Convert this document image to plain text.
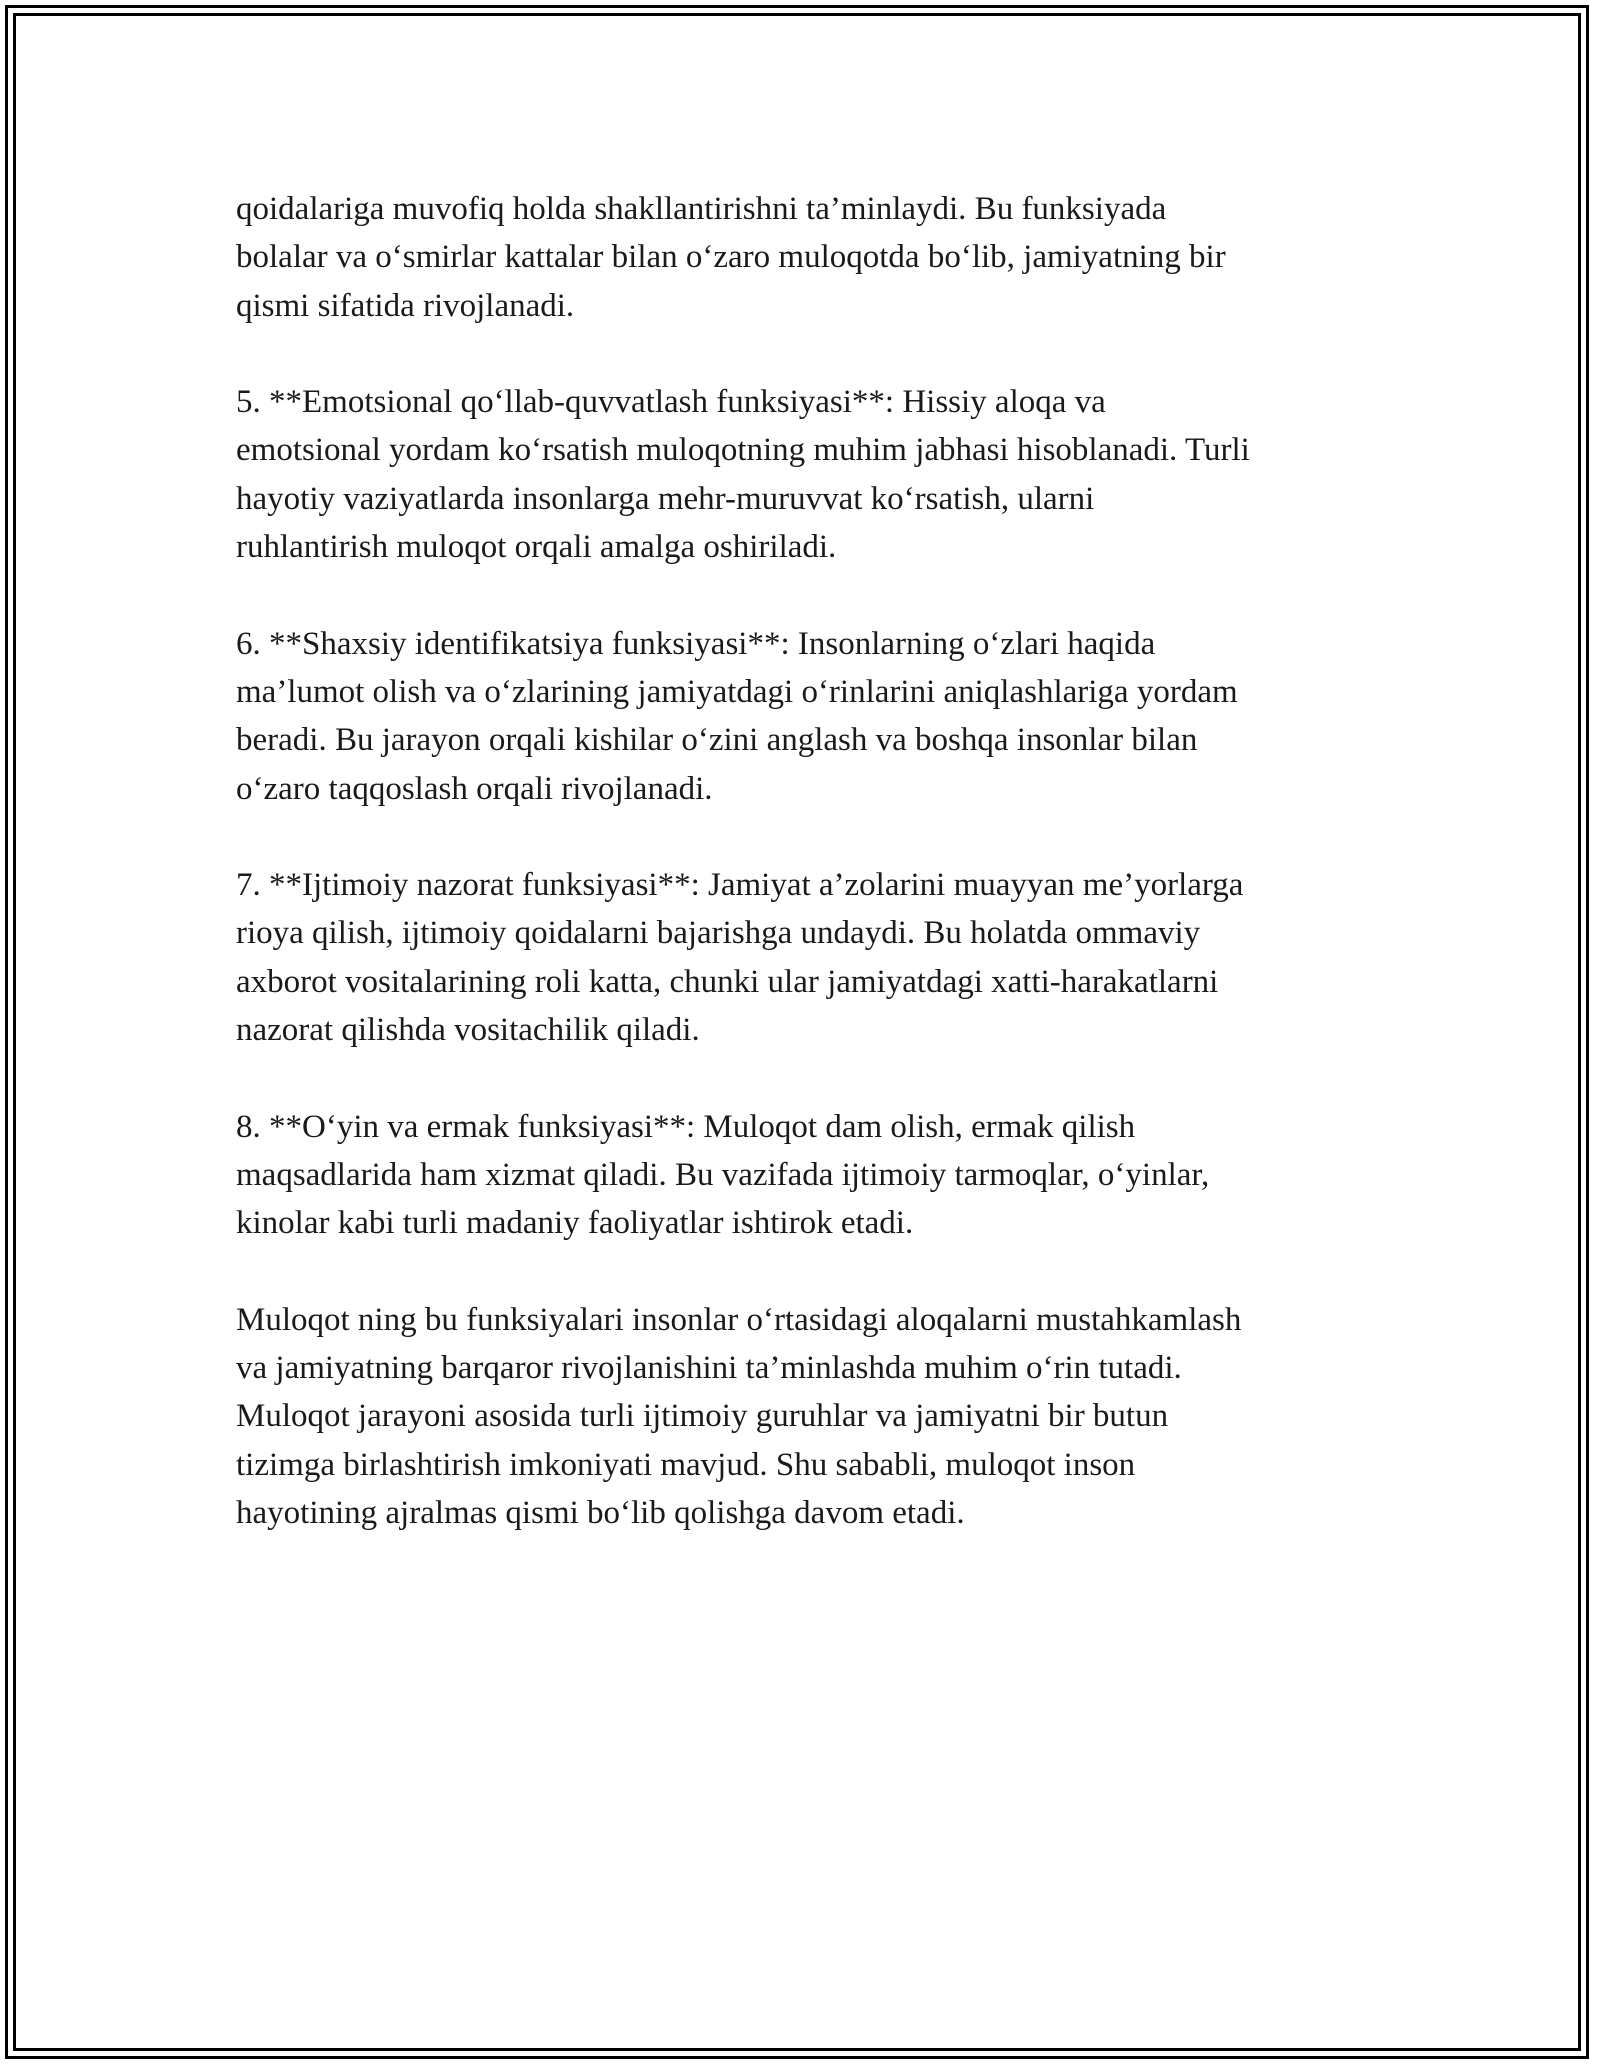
qoidalariga muvofiq holda shakllantirishni ta’minlaydi. Bu funksiyada
bolalar va o‘smirlar kattalar bilan o‘zaro muloqotda bo‘lib, jamiyatning bir
qismi sifatida rivojlanadi.

5. **Emotsional qo‘llab-quvvatlash funksiyasi**: Hissiy aloqa va
emotsional yordam ko‘rsatish muloqotning muhim jabhasi hisoblanadi. Turli
hayotiy vaziyatlarda insonlarga mehr-muruvvat ko‘rsatish, ularni
ruhlantirish muloqot orqali amalga oshiriladi.

6. **Shaxsiy identifikatsiya funksiyasi**: Insonlarning o‘zlari haqida
ma’lumot olish va o‘zlarining jamiyatdagi o‘rinlarini aniqlashlariga yordam
beradi. Bu jarayon orqali kishilar o‘zini anglash va boshqa insonlar bilan
o‘zaro taqqoslash orqali rivojlanadi.

7. **Ijtimoiy nazorat funksiyasi**: Jamiyat a’zolarini muayyan me’yorlarga
rioya qilish, ijtimoiy qoidalarni bajarishga undaydi. Bu holatda ommaviy
axborot vositalarining roli katta, chunki ular jamiyatdagi xatti-harakatlarni
nazorat qilishda vositachilik qiladi.

8. **O‘yin va ermak funksiyasi**: Muloqot dam olish, ermak qilish
maqsadlarida ham xizmat qiladi. Bu vazifada ijtimoiy tarmoqlar, o‘yinlar,
kinolar kabi turli madaniy faoliyatlar ishtirok etadi.

Muloqot ning bu funksiyalari insonlar o‘rtasidagi aloqalarni mustahkamlash
va jamiyatning barqaror rivojlanishini ta’minlashda muhim o‘rin tutadi.
Muloqot jarayoni asosida turli ijtimoiy guruhlar va jamiyatni bir butun
tizimga birlashtirish imkoniyati mavjud. Shu sababli, muloqot inson
hayotining ajralmas qismi bo‘lib qolishga davom etadi.
